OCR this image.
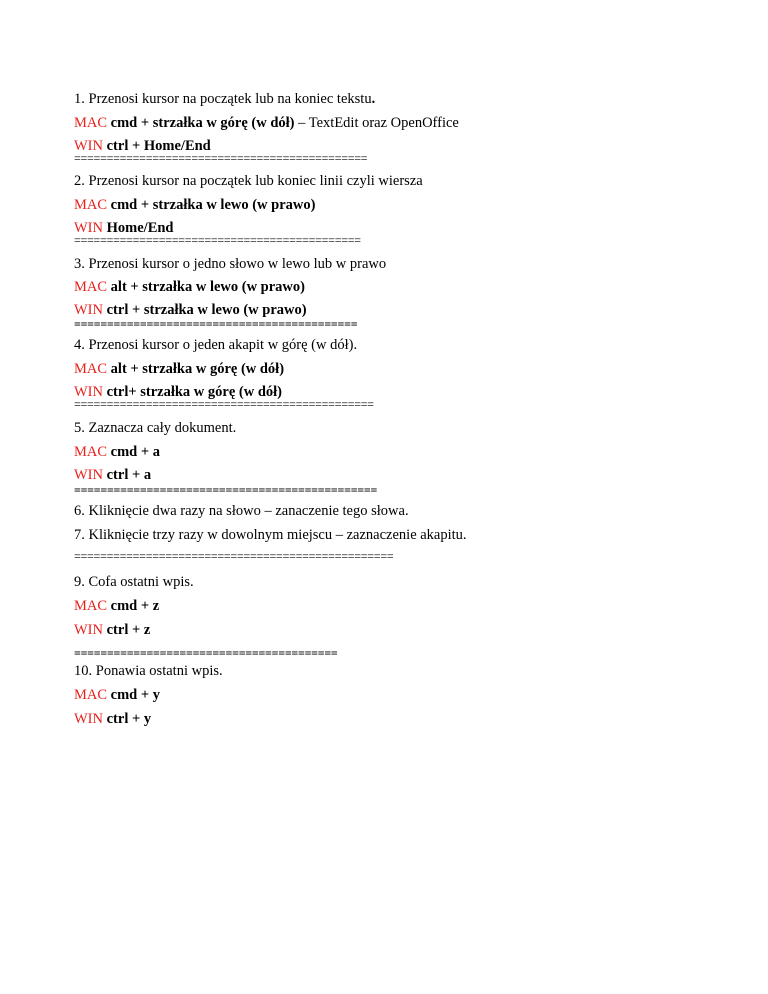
1. Przenosi kursor na początek lub na koniec tekstu.
MAC cmd + strzałka w górę (w dół) – TextEdit oraz OpenOffice
WIN ctrl + Home/End
=============================================
2. Przenosi kursor na początek lub koniec linii czyli wiersza
MAC cmd + strzałka w lewo (w prawo)
WIN Home/End
============================================
3. Przenosi kursor o jedno słowo w lewo lub w prawo
MAC alt + strzałka w lewo (w prawo)
WIN ctrl + strzałka w lewo (w prawo)
===========================================
4. Przenosi kursor o jeden akapit w górę (w dół).
MAC alt + strzałka w górę (w dół)
WIN ctrl+ strzałka w górę (w dół)
==============================================
5. Zaznacza cały dokument.
MAC cmd + a
WIN ctrl + a
==============================================
6. Kliknięcie dwa razy na słowo – zanaczenie tego słowa.
7. Kliknięcie trzy razy w dowolnym miejscu – zaznaczenie akapitu.
=================================================
9. Cofa ostatni wpis.
MAC cmd + z
WIN ctrl + z
========================================
10. Ponawia ostatni wpis.
MAC cmd + y
WIN ctrl + y
